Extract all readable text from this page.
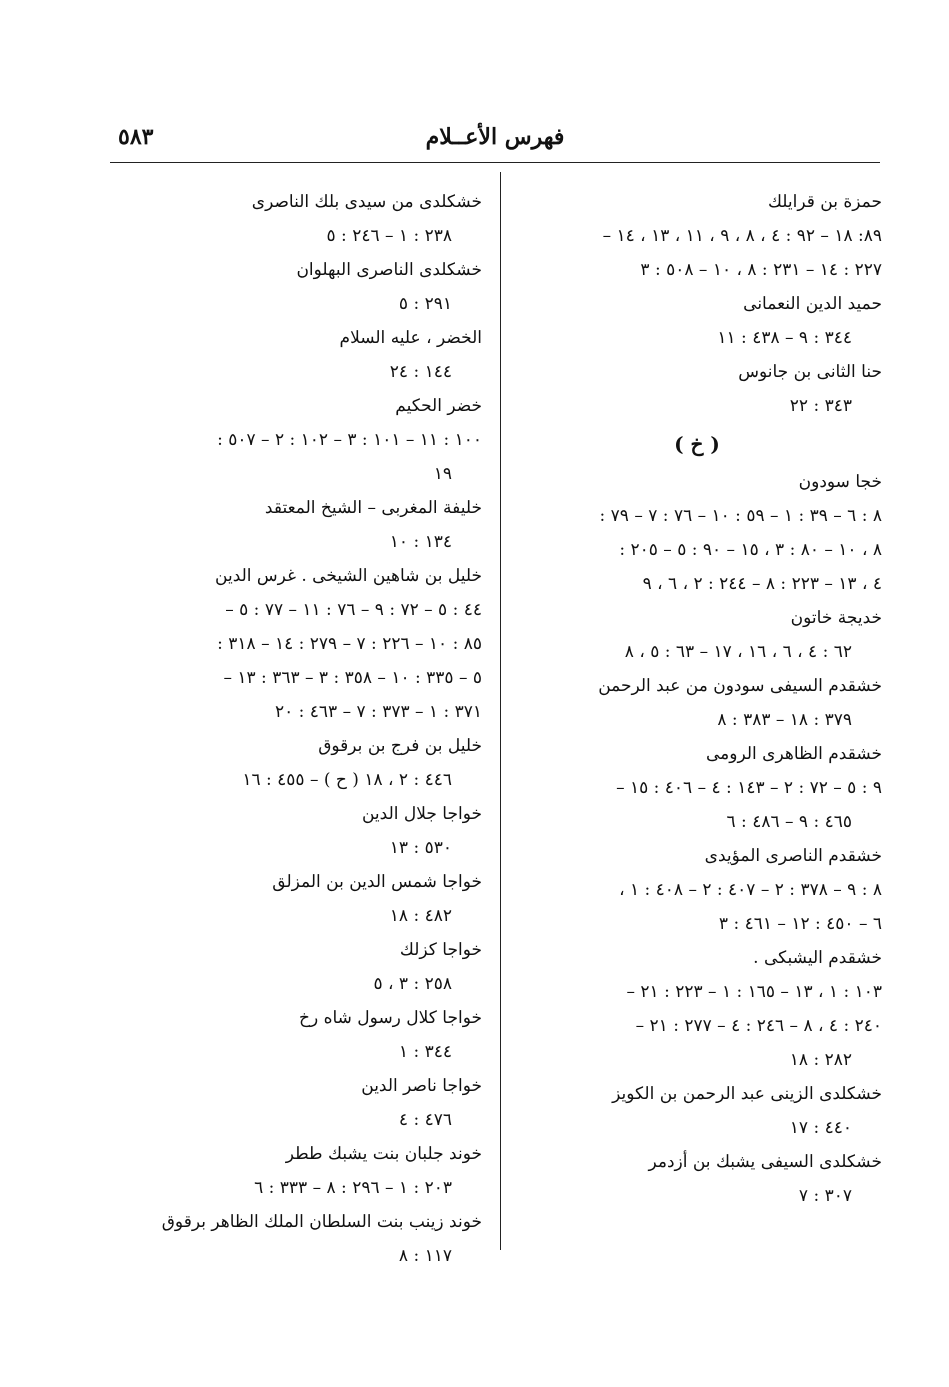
فهرس الأعــلام
٥٨٣
حمزة بن قرايلك
٨٩: ١٨ – ٩٢ : ٤ ، ٨ ، ٩ ، ١١ ، ١٣ ، ١٤ –
٢٢٧ : ١٤ – ٢٣١ : ٨ ، ١٠ – ٥٠٨ : ٣
حميد الدين النعمانى
٣٤٤ : ٩ – ٤٣٨ : ١١
حنا الثانى بن جانوس
٣٤٣ : ٢٢
( خ )
خجا سودون
٨ : ٦ – ٣٩ : ١ – ٥٩ : ١٠ – ٧٦ : ٧ – ٧٩ :
٨ ، ١٠ – ٨٠ : ٣ ، ١٥ – ٩٠ : ٥ – ٢٠٥ :
٤ ، ١٣ – ٢٢٣ : ٨ – ٢٤٤ : ٢ ، ٦ ، ٩
خديجة خاتون
٦٢ : ٤ ، ٦ ، ١٦ ، ١٧ – ٦٣ : ٥ ، ٨
خشقدم السيفى سودون من عبد الرحمن
٣٧٩ : ١٨ – ٣٨٣ : ٨
خشقدم الظاهرى الرومى
٩ : ٥ – ٧٢ : ٢ – ١٤٣ : ٤ – ٤٠٦ : ١٥ –
٤٦٥ : ٩ – ٤٨٦ : ٦
خشقدم الناصرى المؤيدى
٨ : ٩ – ٣٧٨ : ٢ – ٤٠٧ : ٢ – ٤٠٨ : ١ ،
٦ – ٤٥٠ : ١٢ – ٤٦١ : ٣
خشقدم اليشبكى .
١٠٣ : ١ ، ١٣ – ١٦٥ : ١ – ٢٢٣ : ٢١ –
٢٤٠ : ٤ ، ٨ – ٢٤٦ : ٤ – ٢٧٧ : ٢١ –
٢٨٢ : ١٨
خشكلدى الزينى عبد الرحمن بن الكويز
٤٤٠ : ١٧
خشكلدى السيفى يشبك بن أزدمر
٣٠٧ : ٧
خشكلدى من سيدى بلك الناصرى
٢٣٨ : ١ – ٢٤٦ : ٥
خشكلدى الناصرى البهلوان
٢٩١ : ٥
الخضر ، عليه السلام
١٤٤ : ٢٤
خضر الحكيم
١٠٠ : ١١ – ١٠١ : ٣ – ١٠٢ : ٢ – ٥٠٧ :
١٩
خليفة المغربى – الشيخ المعتقد
١٣٤ : ١٠
خليل بن شاهين الشيخى . غرس الدين
٤٤ : ٥ – ٧٢ : ٩ – ٧٦ : ١١ – ٧٧ : ٥ –
٨٥ : ١٠ – ٢٢٦ : ٧ – ٢٧٩ : ١٤ – ٣١٨ :
٥ – ٣٣٥ : ١٠ – ٣٥٨ : ٣ – ٣٦٣ : ١٣ –
٣٧١ : ١ – ٣٧٣ : ٧ – ٤٦٣ : ٢٠
خليل بن فرج بن برقوق
٤٤٦ : ٢ ، ١٨ ( ح ) – ٤٥٥ : ١٦
خواجا جلال الدين
٥٣٠ : ١٣
خواجا شمس الدين بن المزلق
٤٨٢ : ١٨
خواجا كزلك
٢٥٨ : ٣ ، ٥
خواجا كلال رسول شاه رخ
٣٤٤ : ١
خواجا ناصر الدين
٤٧٦ : ٤
خوند جلبان بنت يشبك ططر
٢٠٣ : ١ – ٢٩٦ : ٨ – ٣٣٣ : ٦
خوند زينب بنت السلطان الملك الظاهر برقوق
١١٧ : ٨
